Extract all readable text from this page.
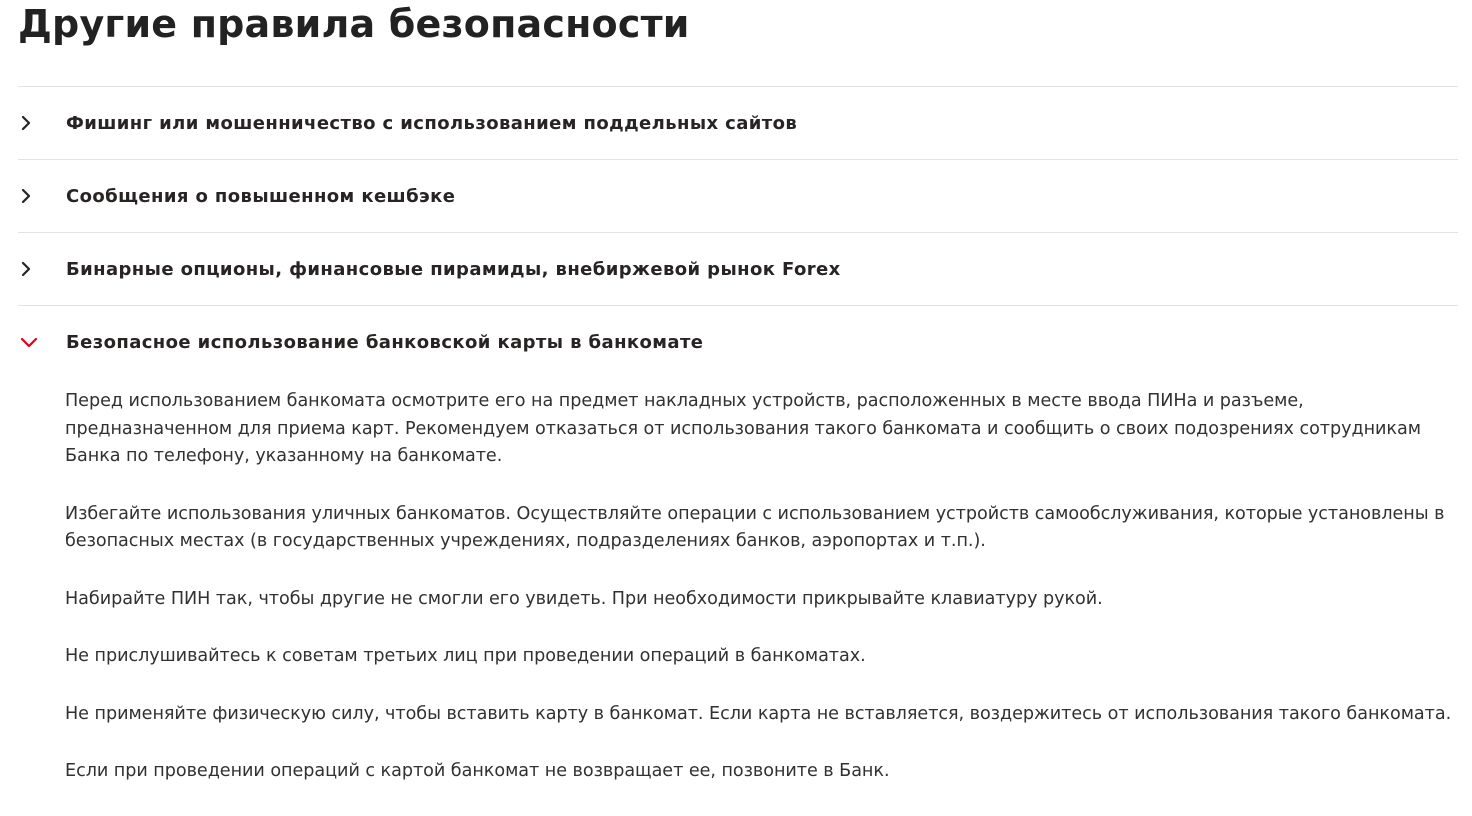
Другие правила безопасности
Фишинг или мошенничество с использованием поддельных сайтов
Сообщения о повышенном кешбэке
Бинарные опционы, финансовые пирамиды, внебиржевой рынок Forex
Безопасное использование банковской карты в банкомате

Перед использованием банкомата осмотрите его на предмет накладных устройств, расположенных в месте ввода ПИНа и разъеме, предназначенном для приема карт. Рекомендуем отказаться от использования такого банкомата и сообщить о своих подозрениях сотрудникам Банка по телефону, указанному на банкомате.

Избегайте использования уличных банкоматов. Осуществляйте операции с использованием устройств самообслуживания, которые установлены в безопасных местах (в государственных учреждениях, подразделениях банков, аэропортах и т.п.).

Набирайте ПИН так, чтобы другие не смогли его увидеть. При необходимости прикрывайте клавиатуру рукой.

Не прислушивайтесь к советам третьих лиц при проведении операций в банкоматах.

Не применяйте физическую силу, чтобы вставить карту в банкомат. Если карта не вставляется, воздержитесь от использования такого банкомата.

Если при проведении операций с картой банкомат не возвращает ее, позвоните в Банк.
